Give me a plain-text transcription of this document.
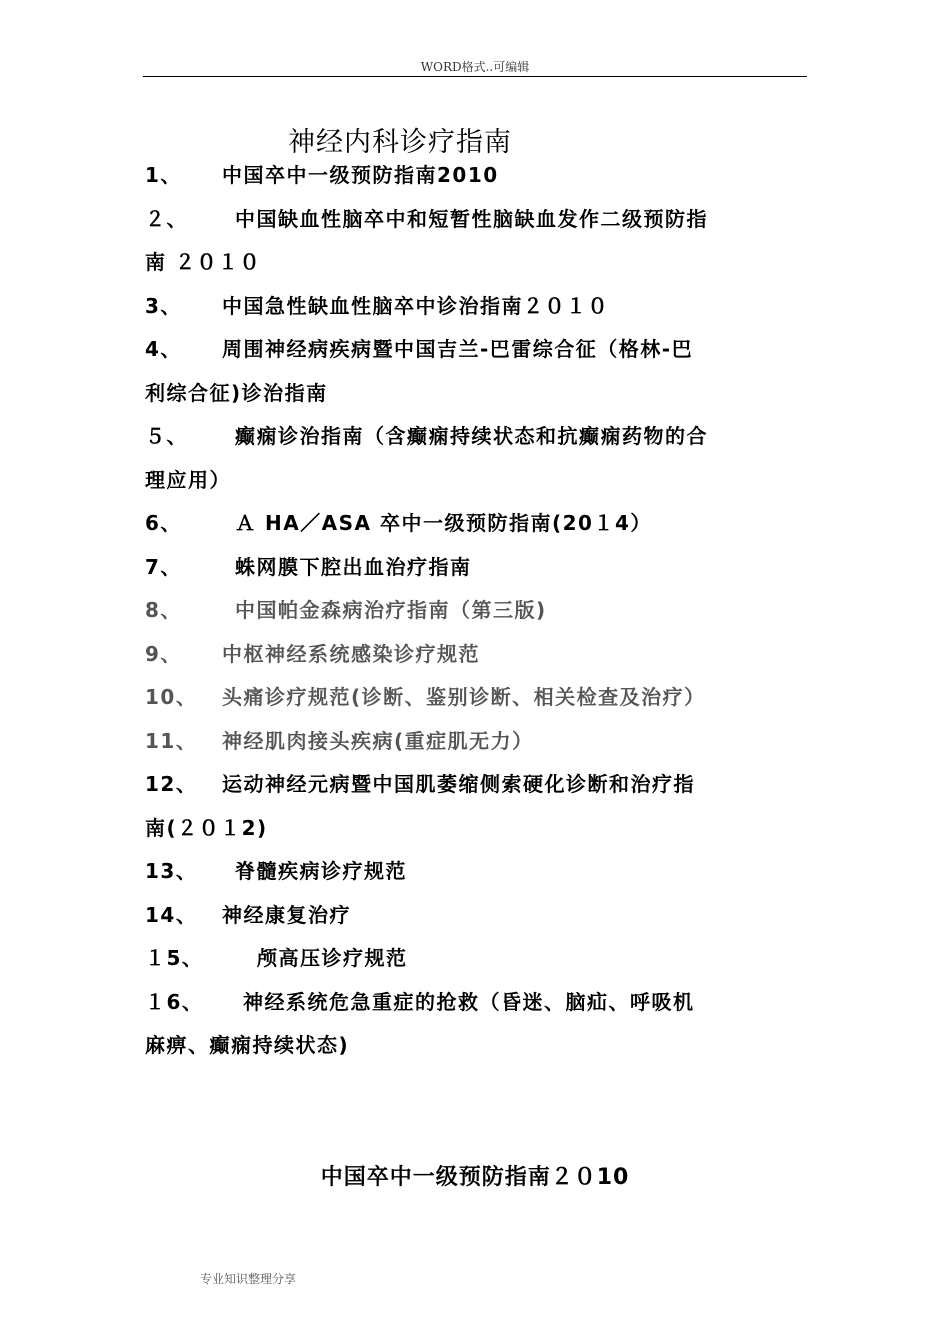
WORD格式..可编辑
神经内科诊疗指南
1、 中国卒中一级预防指南2010
２、 中国缺血性脑卒中和短暂性脑缺血发作二级预防指
南 ２０１０
3、 中国急性缺血性脑卒中诊治指南２０１０
4、 周围神经病疾病暨中国吉兰-巴雷综合征（格林-巴
利综合征)诊治指南
５、 癫痫诊治指南（含癫痫持续状态和抗癫痫药物的合
理应用）
6、	Ａ HA／ASA 卒中一级预防指南(20１4）
7、	蛛网膜下腔出血治疗指南
8、	中国帕金森病治疗指南（第三版)
9、 中枢神经系统感染诊疗规范
10、 头痛诊疗规范(诊断、鉴别诊断、相关检查及治疗）
11、 神经肌肉接头疾病(重症肌无力）
12、 运动神经元病暨中国肌萎缩侧索硬化诊断和治疗指
南(２０１2)
13、 脊髓疾病诊疗规范
14、 神经康复治疗
１5、	颅高压诊疗规范
１6、 神经系统危急重症的抢救（昏迷、脑疝、呼吸机
麻痹、癫痫持续状态)
中国卒中一级预防指南２０10
专业知识整理分享
